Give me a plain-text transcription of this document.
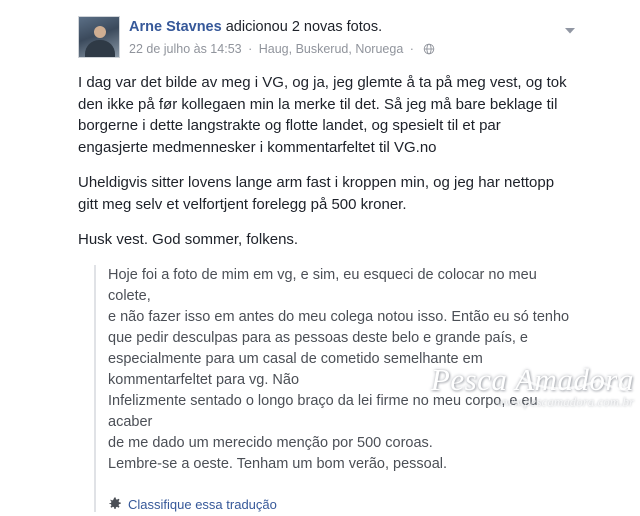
Arne Stavnes adicionou 2 novas fotos.
22 de julho às 14:53 · Haug, Buskerud, Noruega ·

I dag var det bilde av meg i VG, og ja, jeg glemte å ta på meg vest, og tok den ikke på før kollegaen min la merke til det. Så jeg må bare beklage til borgerne i dette langstrakte og flotte landet, og spesielt til et par engasjerte medmennesker i kommentarfeltet til VG.no

Uheldigvis sitter lovens lange arm fast i kroppen min, og jeg har nettopp gitt meg selv et velfortjent forelegg på 500 kroner.

Husk vest. God sommer, folkens.

Hoje foi a foto de mim em vg, e sim, eu esqueci de colocar no meu colete,
e não fazer isso em antes do meu colega notou isso. Então eu só tenho
que pedir desculpas para as pessoas deste belo e grande país, e
especialmente para um casal de cometido semelhante em
kommentarfeltet para vg. Não
Infelizmente sentado o longo braço da lei firme no meu corpo, e eu acaber
de me dado um merecido menção por 500 coroas.
Lembre-se a oeste. Tenham um bom verão, pessoal.
Classifique essa tradução
Pesca Amadora
www.pescamadora.com.br
